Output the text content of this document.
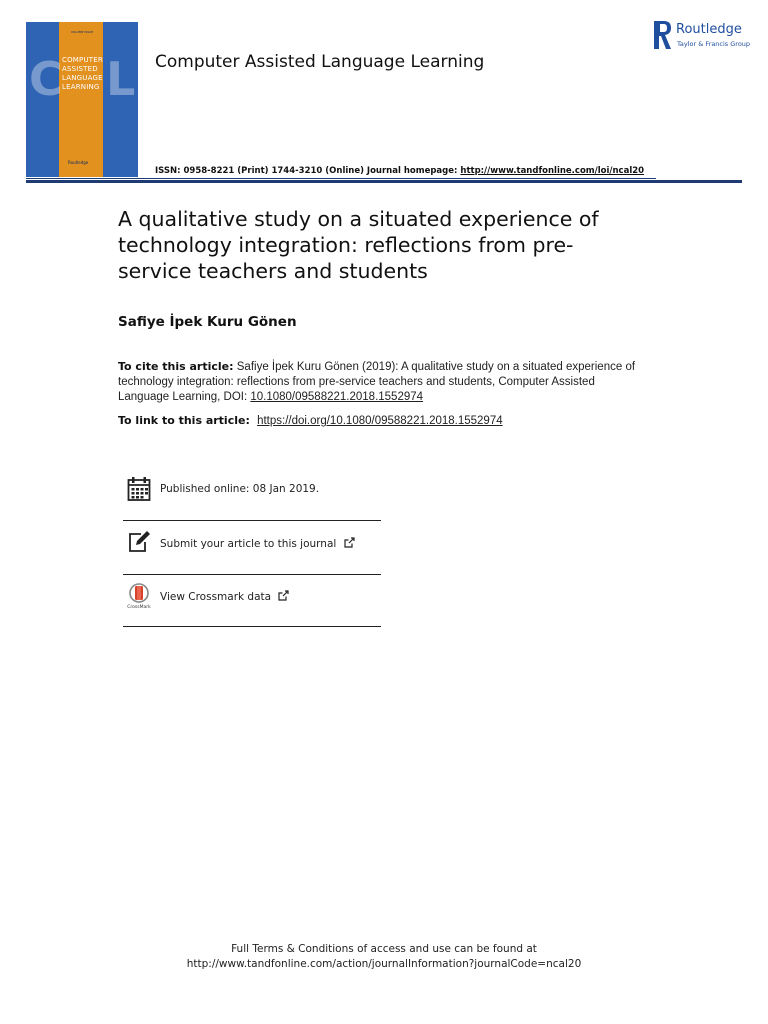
VOLUME ISSUE
C L
COMPUTER
ASSISTED
LANGUAGE
LEARNING
Routledge
Computer Assisted Language Learning
Routledge
Taylor & Francis Group
ISSN: 0958-8221 (Print) 1744-3210 (Online) Journal homepage: http://www.tandfonline.com/loi/ncal20
A qualitative study on a situated experience of technology integration: reflections from pre-service teachers and students
Safiye İpek Kuru Gönen
To cite this article: Safiye İpek Kuru Gönen (2019): A qualitative study on a situated experience of technology integration: reflections from pre-service teachers and students, Computer Assisted Language Learning, DOI: 10.1080/09588221.2018.1552974
To link to this article: https://doi.org/10.1080/09588221.2018.1552974
Published online: 08 Jan 2019.
Submit your article to this journal
CrossMark
View Crossmark data
Full Terms & Conditions of access and use can be found at
http://www.tandfonline.com/action/journalInformation?journalCode=ncal20
